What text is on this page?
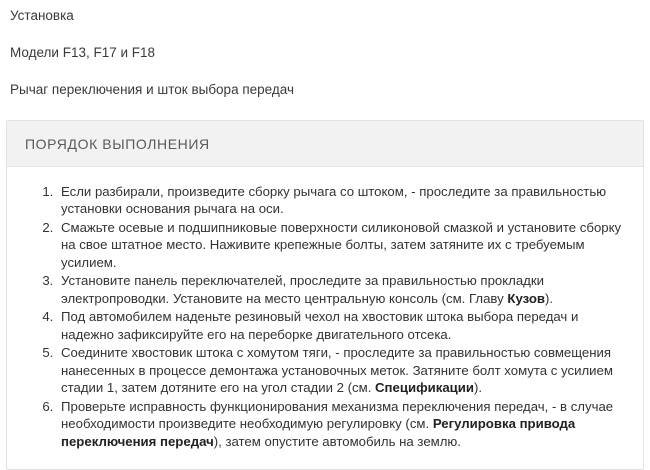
Установка
Модели F13, F17 и F18
Рычаг переключения и шток выбора передач
ПОРЯДОК ВЫПОЛНЕНИЯ
1. Если разбирали, произведите сборку рычага со штоком, - проследите за правильностью установки основания рычага на оси.
2. Смажьте осевые и подшипниковые поверхности силиконовой смазкой и установите сборку на свое штатное место. Наживите крепежные болты, затем затяните их с требуемым усилием.
3. Установите панель переключателей, проследите за правильностью прокладки электропроводки. Установите на место центральную консоль (см. Главу Кузов).
4. Под автомобилем наденьте резиновый чехол на хвостовик штока выбора передач и надежно зафиксируйте его на переборке двигательного отсека.
5. Соедините хвостовик штока с хомутом тяги, - проследите за правильностью совмещения нанесенных в процессе демонтажа установочных меток. Затяните болт хомута с усилием стадии 1, затем дотяните его на угол стадии 2 (см. Спецификации).
6. Проверьте исправность функционирования механизма переключения передач, - в случае необходимости произведите необходимую регулировку (см. Регулировка привода переключения передач), затем опустите автомобиль на землю.
